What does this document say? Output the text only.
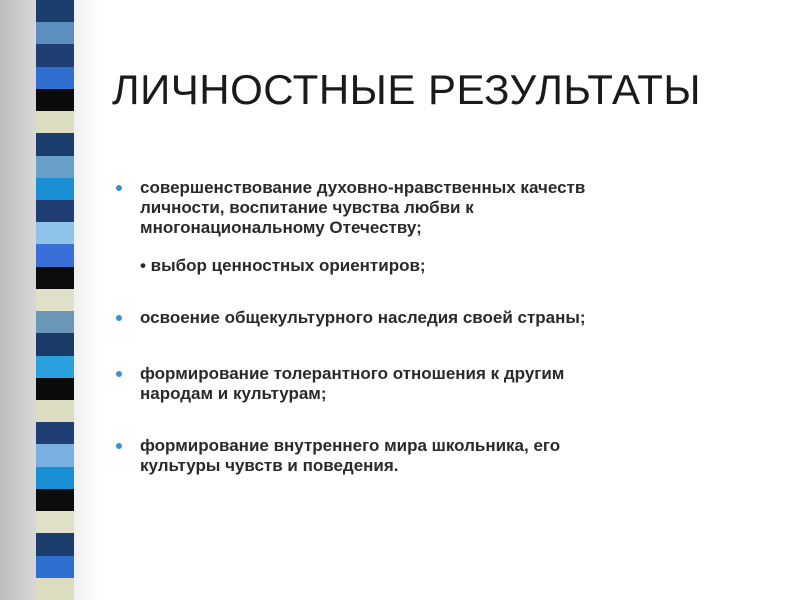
ЛИЧНОСТНЫЕ РЕЗУЛЬТАТЫ
совершенствование духовно-нравственных качеств
личности, воспитание чувства любви к
многонациональному Отечеству;
• выбор ценностных ориентиров;
освоение общекультурного наследия своей страны;
формирование толерантного отношения к другим
народам и культурам;
формирование внутреннего мира школьника, его
культуры чувств и поведения.
